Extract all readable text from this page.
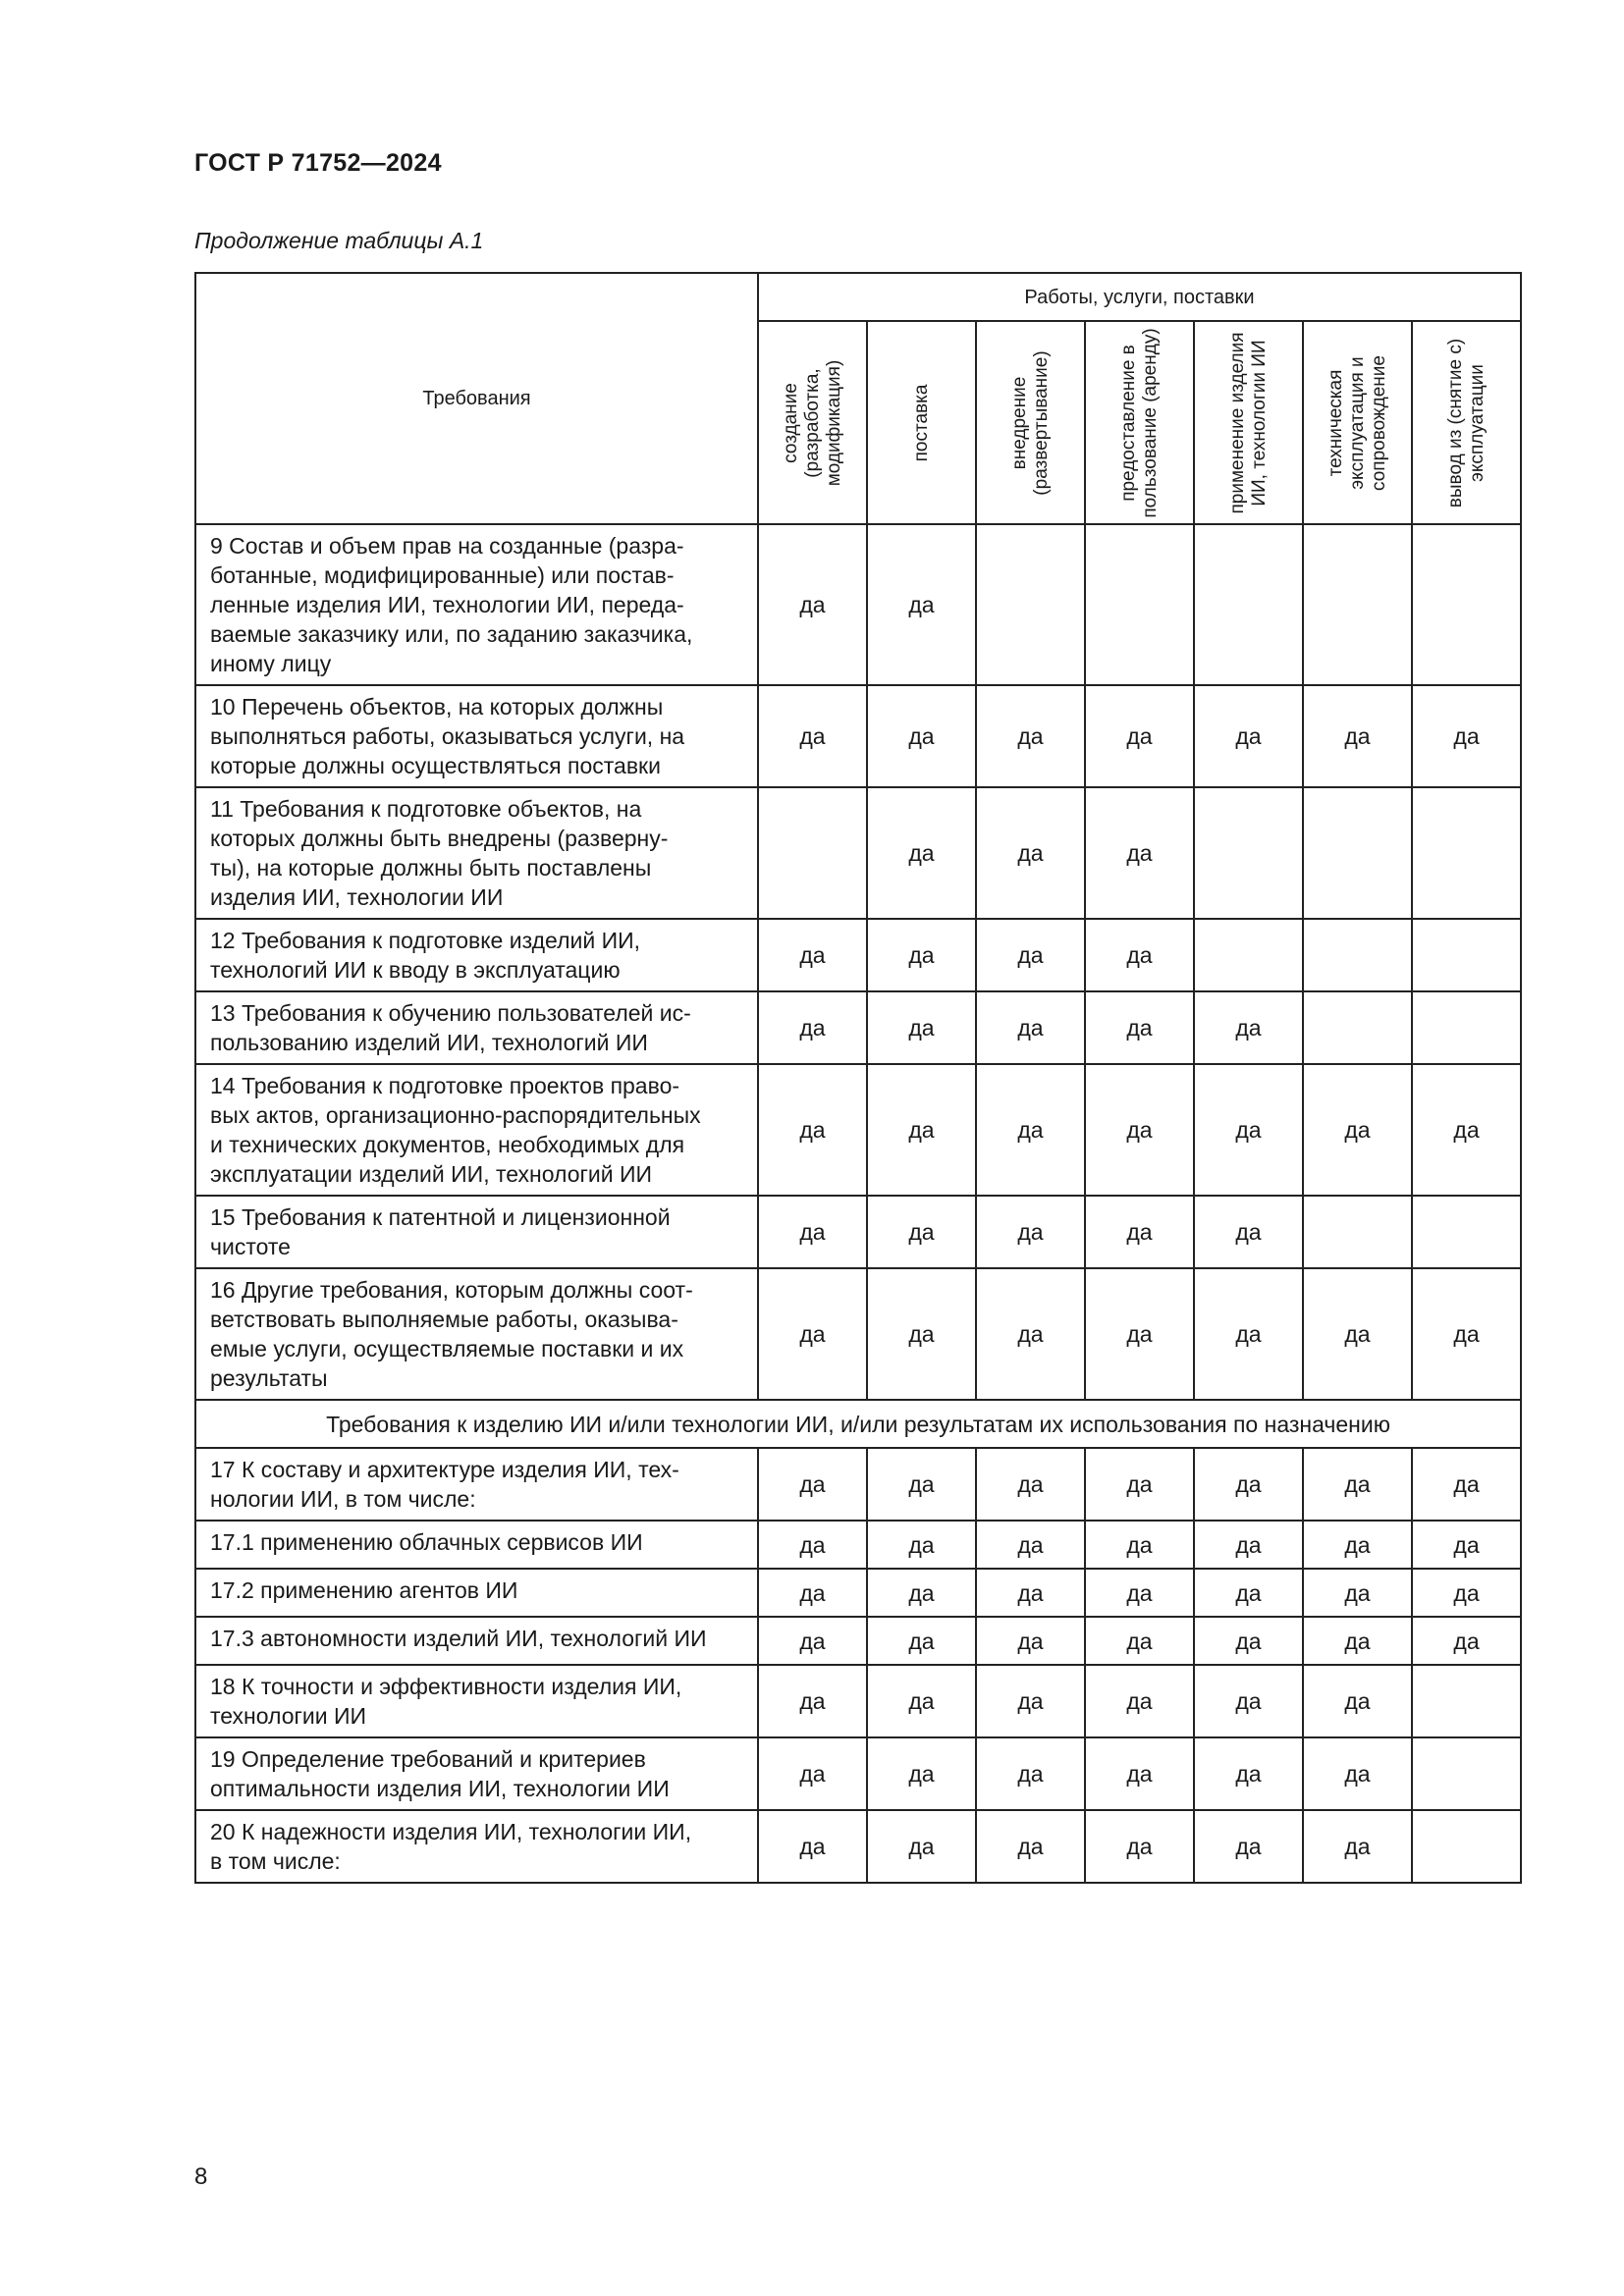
ГОСТ Р 71752—2024
Продолжение таблицы А.1
Требования	Работы, услуги, поставки						

	создание (разработка, модификация)	поставка	внедрение (развертывание)	предоставление в пользование (аренду)	применение изделия ИИ, технологии ИИ	техническая эксплуатация и сопровождение	вывод из (снятие с) эксплуатации

9 Состав и объем прав на созданные (разра-
ботанные, модифицированные) или постав-
ленные изделия ИИ, технологии ИИ, переда-
ваемые заказчику или, по заданию заказчика,
иному лицу	да	да					
10 Перечень объектов, на которых должны
выполняться работы, оказываться услуги, на
которые должны осуществляться поставки	да	да	да	да	да	да	да
11 Требования к подготовке объектов, на
которых должны быть внедрены (разверну-
ты), на которые должны быть поставлены
изделия ИИ, технологии ИИ		да	да	да			
12 Требования к подготовке изделий ИИ,
технологий ИИ к вводу в эксплуатацию	да	да	да	да			
13 Требования к обучению пользователей ис-
пользованию изделий ИИ, технологий ИИ	да	да	да	да	да		
14 Требования к подготовке проектов право-
вых актов, организационно-распорядительных
и технических документов, необходимых для
эксплуатации изделий ИИ, технологий ИИ	да	да	да	да	да	да	да
15 Требования к патентной и лицензионной
чистоте	да	да	да	да	да		
16 Другие требования, которым должны соот-
ветствовать выполняемые работы, оказыва-
емые услуги, осуществляемые поставки и их
результаты	да	да	да	да	да	да	да
Требования к изделию ИИ и/или технологии ИИ, и/или результатам их использования по назначению							
17 К составу и архитектуре изделия ИИ, тех-
нологии ИИ, в том числе:	да	да	да	да	да	да	да
17.1 применению облачных сервисов ИИ	да	да	да	да	да	да	да
17.2 применению агентов ИИ	да	да	да	да	да	да	да
17.3 автономности изделий ИИ, технологий ИИ	да	да	да	да	да	да	да
18 К точности и эффективности изделия ИИ,
технологии ИИ	да	да	да	да	да	да	
19 Определение требований и критериев
оптимальности изделия ИИ, технологии ИИ	да	да	да	да	да	да	
20 К надежности изделия ИИ, технологии ИИ,
в том числе:	да	да	да	да	да	да	
8
